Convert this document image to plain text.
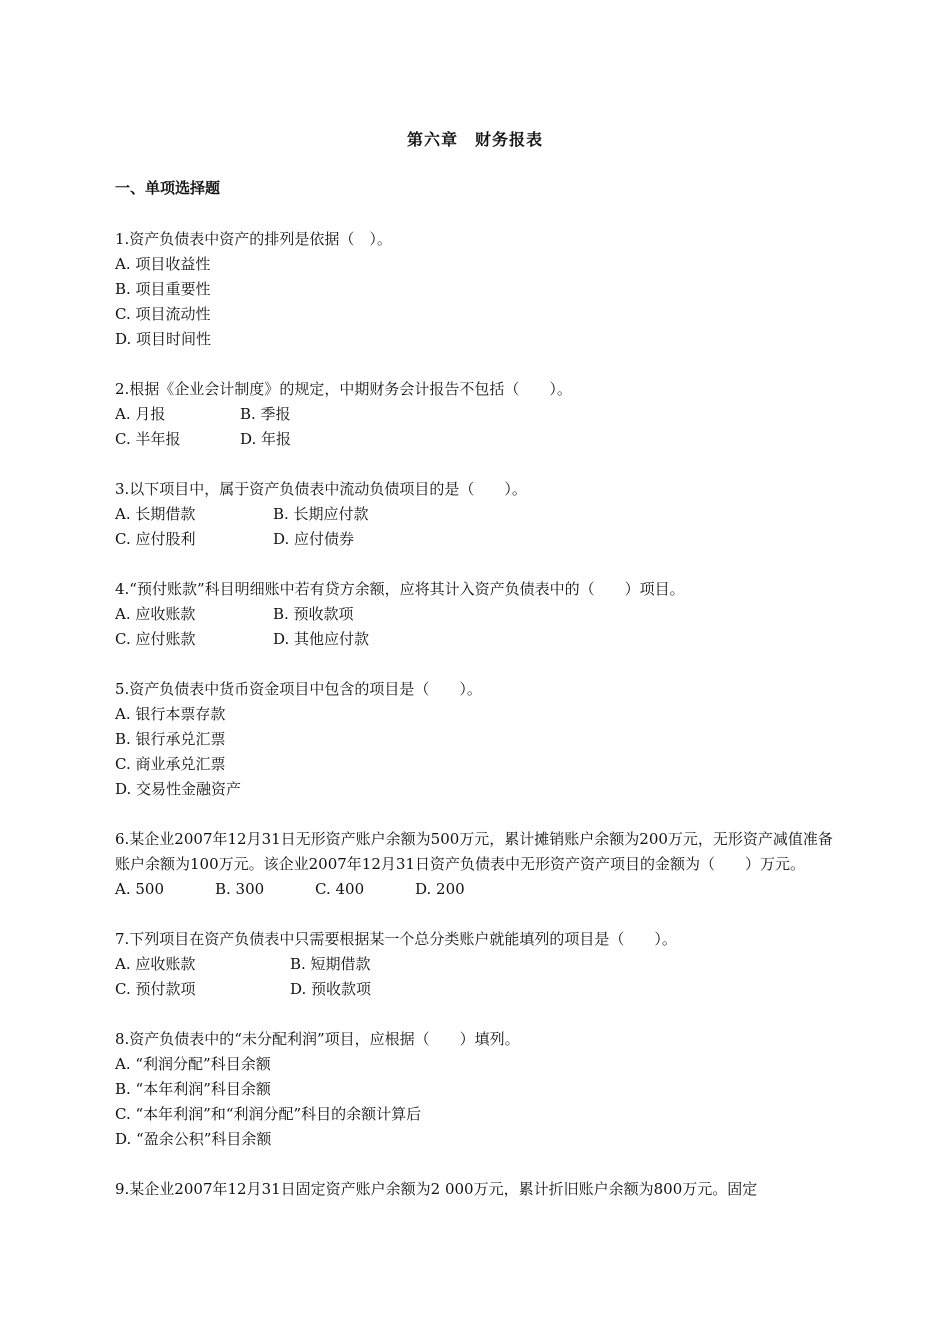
第六章　财务报表
一、单项选择题
1.资产负债表中资产的排列是依据（　）。
A. 项目收益性
B. 项目重要性
C. 项目流动性
D. 项目时间性
2.根据《企业会计制度》的规定，中期财务会计报告不包括（　　）。
A. 月报	B. 季报
C. 半年报	D. 年报
3.以下项目中，属于资产负债表中流动负债项目的是（　　）。
A. 长期借款	B. 长期应付款
C. 应付股利	D. 应付债券
4.“预付账款”科目明细账中若有贷方余额，应将其计入资产负债表中的（　　）项目。
A. 应收账款	B. 预收款项
C. 应付账款	D. 其他应付款
5.资产负债表中货币资金项目中包含的项目是（　　）。
A. 银行本票存款
B. 银行承兑汇票
C. 商业承兑汇票
D. 交易性金融资产
6.某企业2007年12月31日无形资产账户余额为500万元，累计摊销账户余额为200万元，无形资产减值准备账户余额为100万元。该企业2007年12月31日资产负债表中无形资产资产项目的金额为（　　）万元。
A. 500	B. 300	C. 400	D. 200
7.下列项目在资产负债表中只需要根据某一个总分类账户就能填列的项目是（　　）。
A. 应收账款	B. 短期借款
C. 预付款项	D. 预收款项
8.资产负债表中的“未分配利润”项目，应根据（　　）填列。
A. “利润分配”科目余额
B. “本年利润”科目余额
C. “本年利润”和“利润分配”科目的余额计算后
D. “盈余公积”科目余额
9.某企业2007年12月31日固定资产账户余额为2 000万元，累计折旧账户余额为800万元。固定
